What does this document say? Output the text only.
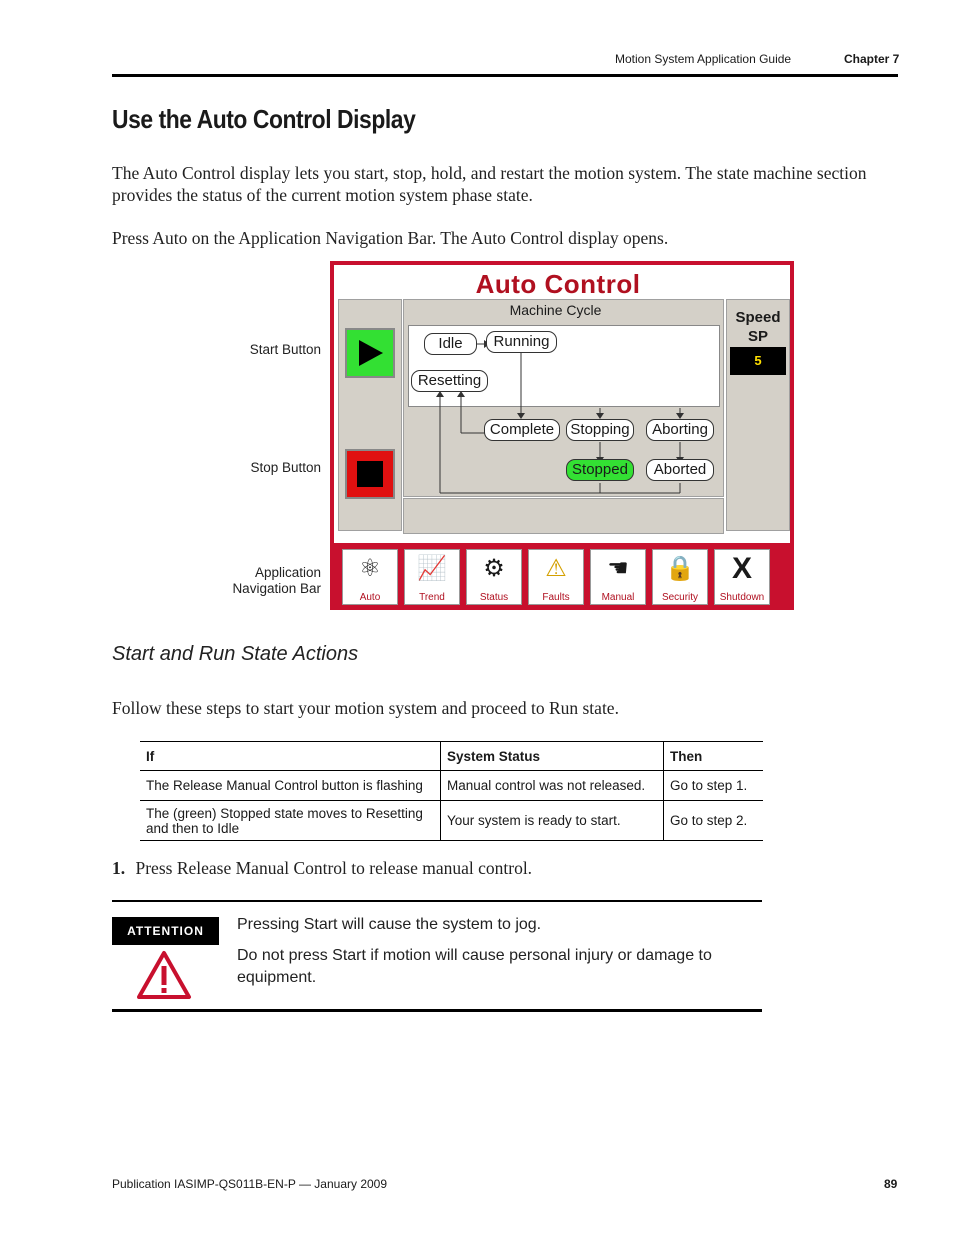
Motion System Application Guide	Chapter 7
Use the Auto Control Display
The Auto Control display lets you start, stop, hold, and restart the motion system. The state machine section provides the status of the current motion system phase state.
Press Auto on the Application Navigation Bar. The Auto Control display opens.
Start Button
Stop Button
Application
Navigation Bar
Auto Control
Machine Cycle
Idle	Running
Resetting
Complete	Stopping	Aborting
Stopped	Aborted
Speed
SP
5
⚛
Auto
📈
Trend
⚙
Status
⚠
Faults
☚
Manual
🔒
Security
X
Shutdown
Start and Run State Actions
Follow these steps to start your motion system and proceed to Run state.
If	System Status	Then
The Release Manual Control button is flashing	Manual control was not released.	Go to step 1.
The (green) Stopped state moves to Resetting and then to Idle	Your system is ready to start.	Go to step 2.
1. Press Release Manual Control to release manual control.
ATTENTION	Pressing Start will cause the system to jog.
Do not press Start if motion will cause personal injury or damage to equipment.
Publication IASIMP-QS011B-EN-P — January 2009	89
